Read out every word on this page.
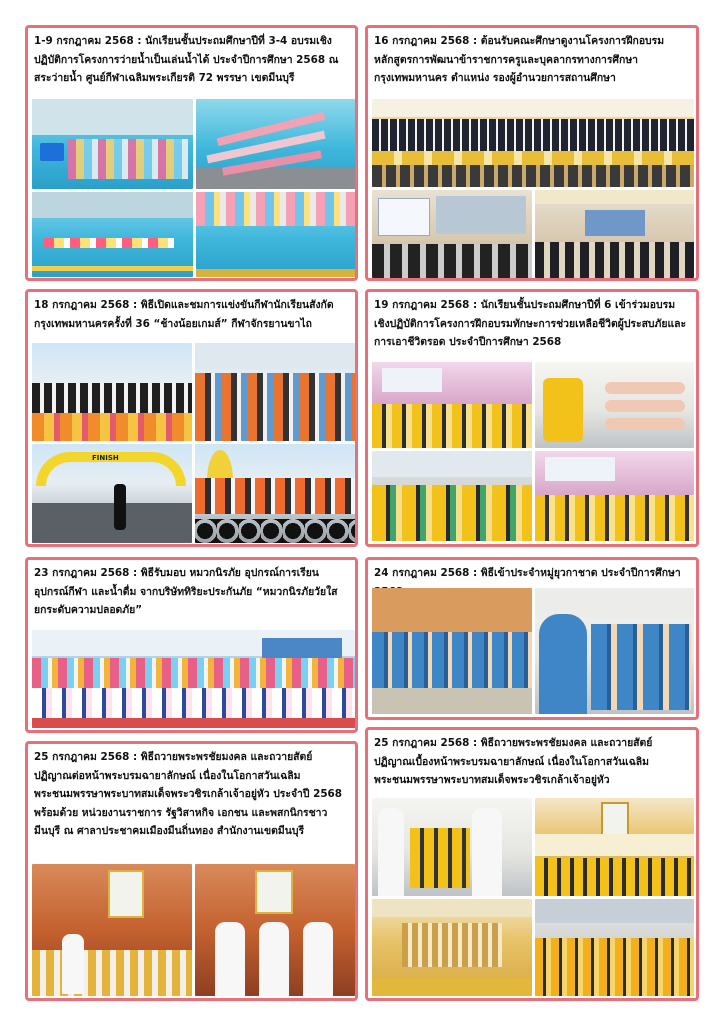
1-9 กรกฎาคม 2568 : นักเรียนชั้นประถมศึกษาปีที่ 3-4 อบรมเชิงปฏิบัติการโครงการว่ายน้ำเป็นเล่นน้ำได้ ประจำปีการศึกษา 2568 ณ สระว่ายน้ำ ศูนย์กีฬาเฉลิมพระเกียรติ 72 พรรษา เขตมีนบุรี
16 กรกฎาคม 2568 : ต้อนรับคณะศึกษาดูงานโครงการฝึกอบรมหลักสูตรการพัฒนาข้าราชการครูและบุคลากรทางการศึกษา กรุงเทพมหานคร ตำแหน่ง รองผู้อำนวยการสถานศึกษา
18 กรกฎาคม 2568 : พิธีเปิดและชมการแข่งขันกีฬานักเรียนสังกัดกรุงเทพมหานครครั้งที่ 36 “ช้างน้อยเกมส์” กีฬาจักรยานขาไถ
FINISH
19 กรกฎาคม 2568 : นักเรียนชั้นประถมศึกษาปีที่ 6 เข้าร่วมอบรมเชิงปฏิบัติการโครงการฝึกอบรมทักษะการช่วยเหลือชีวิตผู้ประสบภัยและการเอาชีวิตรอด ประจำปีการศึกษา 2568
23 กรกฎาคม 2568 : พิธีรับมอบ หมวกนิรภัย อุปกรณ์การเรียน อุปกรณ์กีฬา และน้ำดื่ม จากบริษัททิริยะประกันภัย “หมวกนิรภัยวัยใส ยกระดับความปลอดภัย”
24 กรกฎาคม 2568 : พิธีเข้าประจำหมู่ยุวกาชาด ประจำปีการศึกษา
25 กรกฎาคม 2568 : พิธีถวายพระพรชัยมงคล และถวายสัตย์ปฏิญาณต่อหน้าพระบรมฉายาลักษณ์ เนื่องในโอกาสวันเฉลิมพระชนมพรรษาพระบาทสมเด็จพระวชิรเกล้าเจ้าอยู่หัว ประจำปี 2568 พร้อมด้วย หน่วยงานราชการ รัฐวิสาหกิจ เอกชน และพสกนิกรชาวมีนบุรี ณ ศาลาประชาคมเมืองมีนถิ่นทอง สำนักงานเขตมีนบุรี
25 กรกฎาคม 2568 : พิธีถวายพระพรชัยมงคล และถวายสัตย์ปฏิญาณเบื้องหน้าพระบรมฉายาลักษณ์ เนื่องในโอกาสวันเฉลิมพระชนมพรรษาพระบาทสมเด็จพระวชิรเกล้าเจ้าอยู่หัว
